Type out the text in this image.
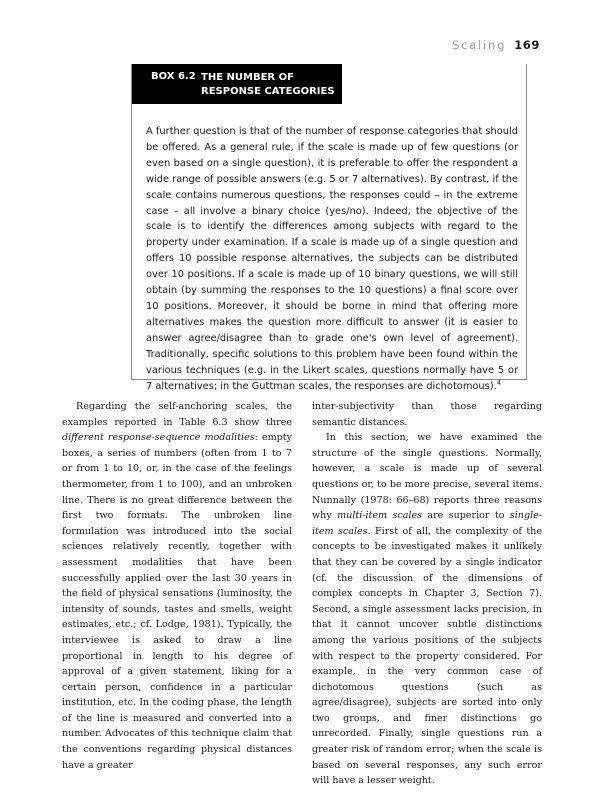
Scaling 169
BOX 6.2 THE NUMBER OF RESPONSE CATEGORIES
A further question is that of the number of response categories that should be offered. As a general rule, if the scale is made up of few questions (or even based on a single question), it is preferable to offer the respondent a wide range of possible answers (e.g. 5 or 7 alternatives). By contrast, if the scale contains numerous questions, the responses could – in the extreme case – all involve a binary choice (yes/no). Indeed, the objective of the scale is to identify the differences among subjects with regard to the property under examination. If a scale is made up of a single question and offers 10 possible response alternatives, the subjects can be distributed over 10 positions. If a scale is made up of 10 binary questions, we will still obtain (by summing the responses to the 10 questions) a final score over 10 positions. Moreover, it should be borne in mind that offering more alternatives makes the question more difficult to answer (it is easier to answer agree/disagree than to grade one's own level of agreement). Traditionally, specific solutions to this problem have been found within the various techniques (e.g. in the Likert scales, questions normally have 5 or 7 alternatives; in the Guttman scales, the responses are dichotomous).$^4$

Regarding the self-anchoring scales, the examples reported in Table 6.3 show three different response-sequence modalities: empty boxes, a series of numbers (often from 1 to 7 or from 1 to 10, or, in the case of the feelings thermometer, from 1 to 100), and an unbroken line. There is no great difference between the first two formats. The unbroken line formulation was introduced into the social sciences relatively recently, together with assessment modalities that have been successfully applied over the last 30 years in the field of physical sensations (luminosity, the intensity of sounds, tastes and smells, weight estimates, etc.; cf. Lodge, 1981). Typically, the interviewee is asked to draw a line proportional in length to his degree of approval of a given statement, liking for a certain person, confidence in a particular institution, etc. In the coding phase, the length of the line is measured and converted into a number. Advocates of this technique claim that the conventions regarding physical distances have a greater

inter-subjectivity than those regarding semantic distances.

In this section, we have examined the structure of the single questions. Normally, however, a scale is made up of several questions or, to be more precise, several items. Nunnally (1978: 66–68) reports three reasons why multi-item scales are superior to single-item scales. First of all, the complexity of the concepts to be investigated makes it unlikely that they can be covered by a single indicator (cf. the discussion of the dimensions of complex concepts in Chapter 3, Section 7). Second, a single assessment lacks precision, in that it cannot uncover subtle distinctions among the various positions of the subjects with respect to the property considered. For example, in the very common case of dichotomous questions (such as agree/disagree), subjects are sorted into only two groups, and finer distinctions go unrecorded. Finally, single questions run a greater risk of random error; when the scale is based on several responses, any such error will have a lesser weight.
